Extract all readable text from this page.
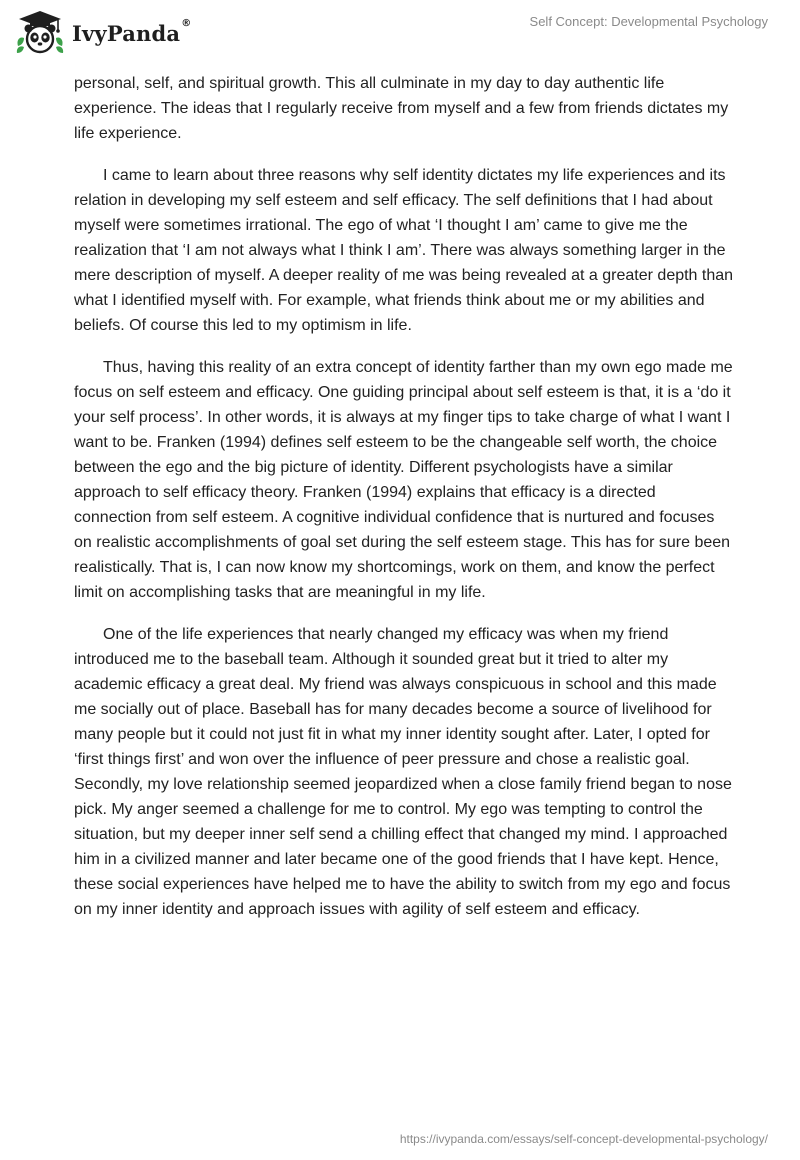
IvyPanda ®	Self Concept: Developmental Psychology

personal, self, and spiritual growth. This all culminate in my day to day authentic life experience. The ideas that I regularly receive from myself and a few from friends dictates my life experience.

I came to learn about three reasons why self identity dictates my life experiences and its relation in developing my self esteem and self efficacy. The self definitions that I had about myself were sometimes irrational. The ego of what ‘I thought I am’ came to give me the realization that ‘I am not always what I think I am’. There was always something larger in the mere description of myself. A deeper reality of me was being revealed at a greater depth than what I identified myself with. For example, what friends think about me or my abilities and beliefs. Of course this led to my optimism in life.

Thus, having this reality of an extra concept of identity farther than my own ego made me focus on self esteem and efficacy. One guiding principal about self esteem is that, it is a ‘do it your self process’. In other words, it is always at my finger tips to take charge of what I want I want to be. Franken (1994) defines self esteem to be the changeable self worth, the choice between the ego and the big picture of identity. Different psychologists have a similar approach to self efficacy theory. Franken (1994) explains that efficacy is a directed connection from self esteem. A cognitive individual confidence that is nurtured and focuses on realistic accomplishments of goal set during the self esteem stage. This has for sure been realistically. That is, I can now know my shortcomings, work on them, and know the perfect limit on accomplishing tasks that are meaningful in my life.

One of the life experiences that nearly changed my efficacy was when my friend introduced me to the baseball team. Although it sounded great but it tried to alter my academic efficacy a great deal. My friend was always conspicuous in school and this made me socially out of place. Baseball has for many decades become a source of livelihood for many people but it could not just fit in what my inner identity sought after. Later, I opted for ‘first things first’ and won over the influence of peer pressure and chose a realistic goal. Secondly, my love relationship seemed jeopardized when a close family friend began to nose pick. My anger seemed a challenge for me to control. My ego was tempting to control the situation, but my deeper inner self send a chilling effect that changed my mind. I approached him in a civilized manner and later became one of the good friends that I have kept. Hence, these social experiences have helped me to have the ability to switch from my ego and focus on my inner identity and approach issues with agility of self esteem and efficacy.

https://ivypanda.com/essays/self-concept-developmental-psychology/
